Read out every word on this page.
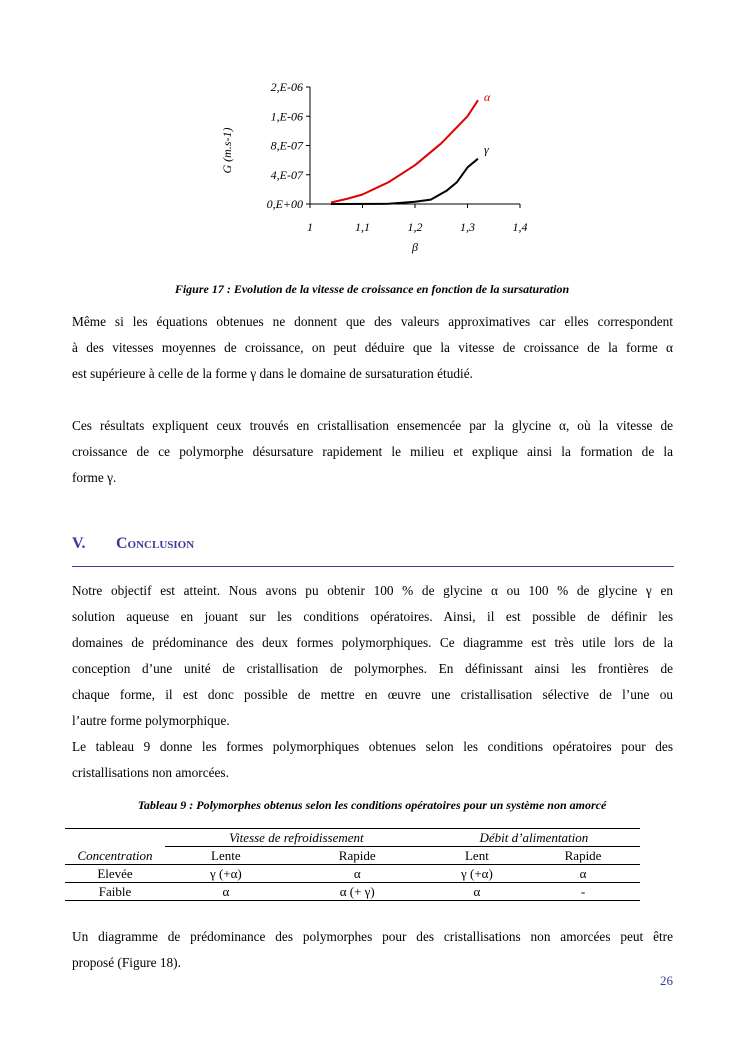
0,E+00
4,E-07
8,E-07
1,E-06
2,E-06
1	1,1	1,2	1,3	1,4
β
G (m.s-1)
α
γ
Figure 17 : Evolution de la vitesse de croissance en fonction de la sursaturation
Même si les équations obtenues ne donnent que des valeurs approximatives car elles correspondent
à des vitesses moyennes de croissance, on peut déduire que la vitesse de croissance de la forme α
est supérieure à celle de la forme γ dans le domaine de sursaturation étudié.
Ces résultats expliquent ceux trouvés en cristallisation ensemencée par la glycine α, où la vitesse de
croissance de ce polymorphe désursature rapidement le milieu et explique ainsi la formation de la
forme γ.
V. Conclusion
Notre objectif est atteint. Nous avons pu obtenir 100 % de glycine α ou 100 % de glycine γ en
solution aqueuse en jouant sur les conditions opératoires. Ainsi, il est possible de définir les
domaines de prédominance des deux formes polymorphiques. Ce diagramme est très utile lors de la
conception d’une unité de cristallisation de polymorphes. En définissant ainsi les frontières de
chaque forme, il est donc possible de mettre en œuvre une cristallisation sélective de l’une ou
l’autre forme polymorphique.
Le tableau 9 donne les formes polymorphiques obtenues selon les conditions opératoires pour des
cristallisations non amorcées.
Tableau 9 : Polymorphes obtenus selon les conditions opératoires pour un système non amorcé
	Vitesse de refroidissement		Débit d’alimentation	
Concentration	Lente	Rapide	Lent	Rapide
Elevée	γ (+α)	α	γ (+α)	α
Faible	α	α (+ γ)	α	-
Un diagramme de prédominance des polymorphes pour des cristallisations non amorcées peut être
proposé (Figure 18).
26
